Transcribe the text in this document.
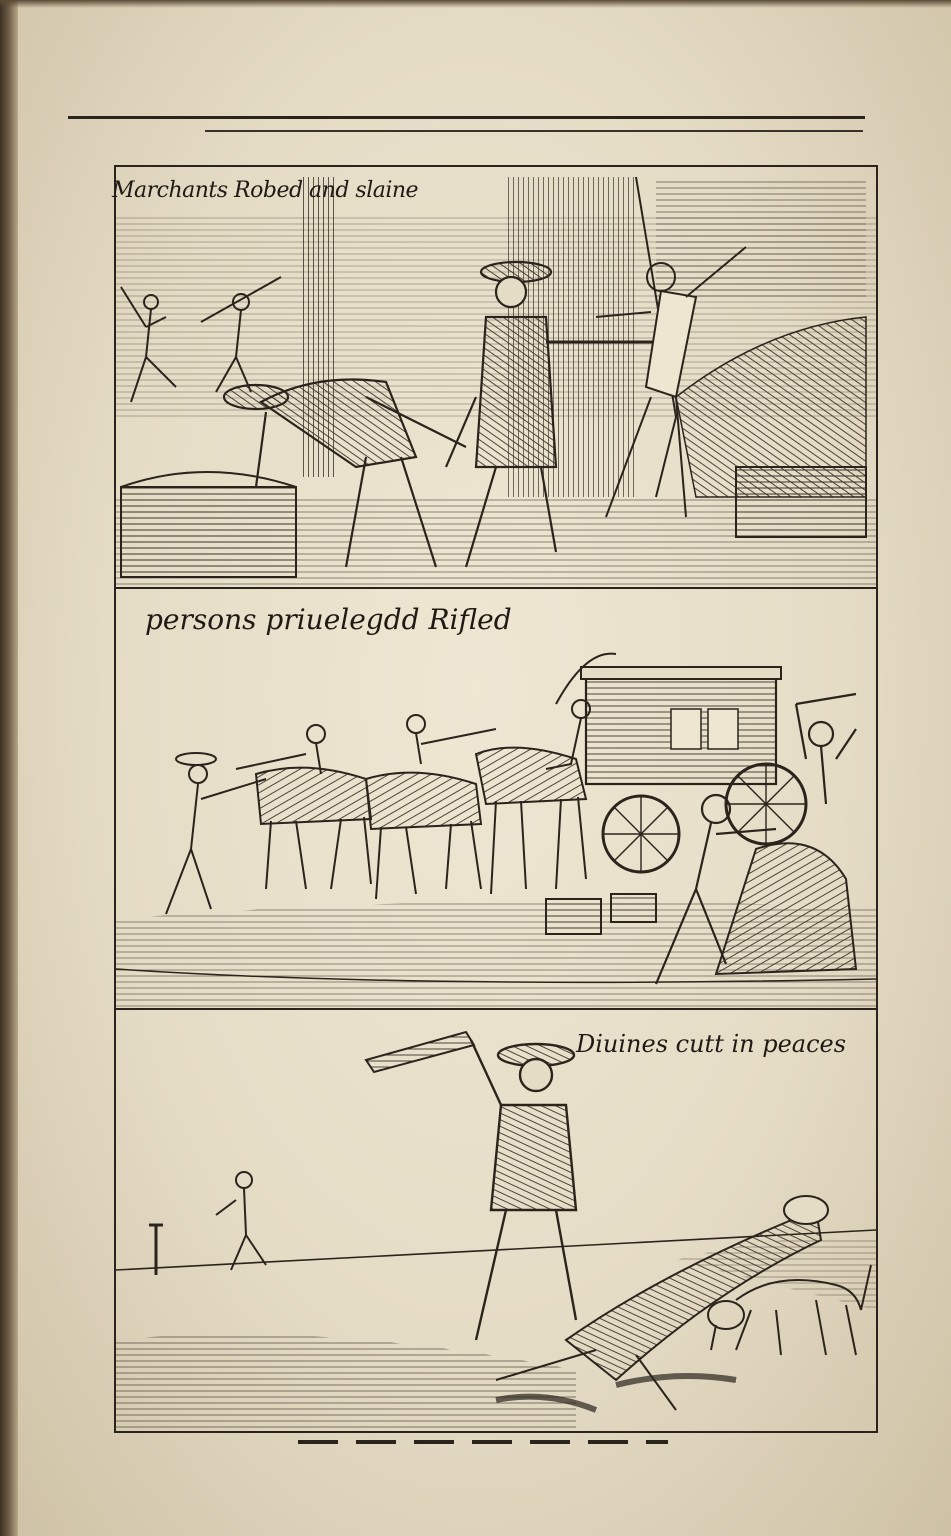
Marchants Robed and slaine
persons priuelegdd Rifled
Diuines cutt in peaces
